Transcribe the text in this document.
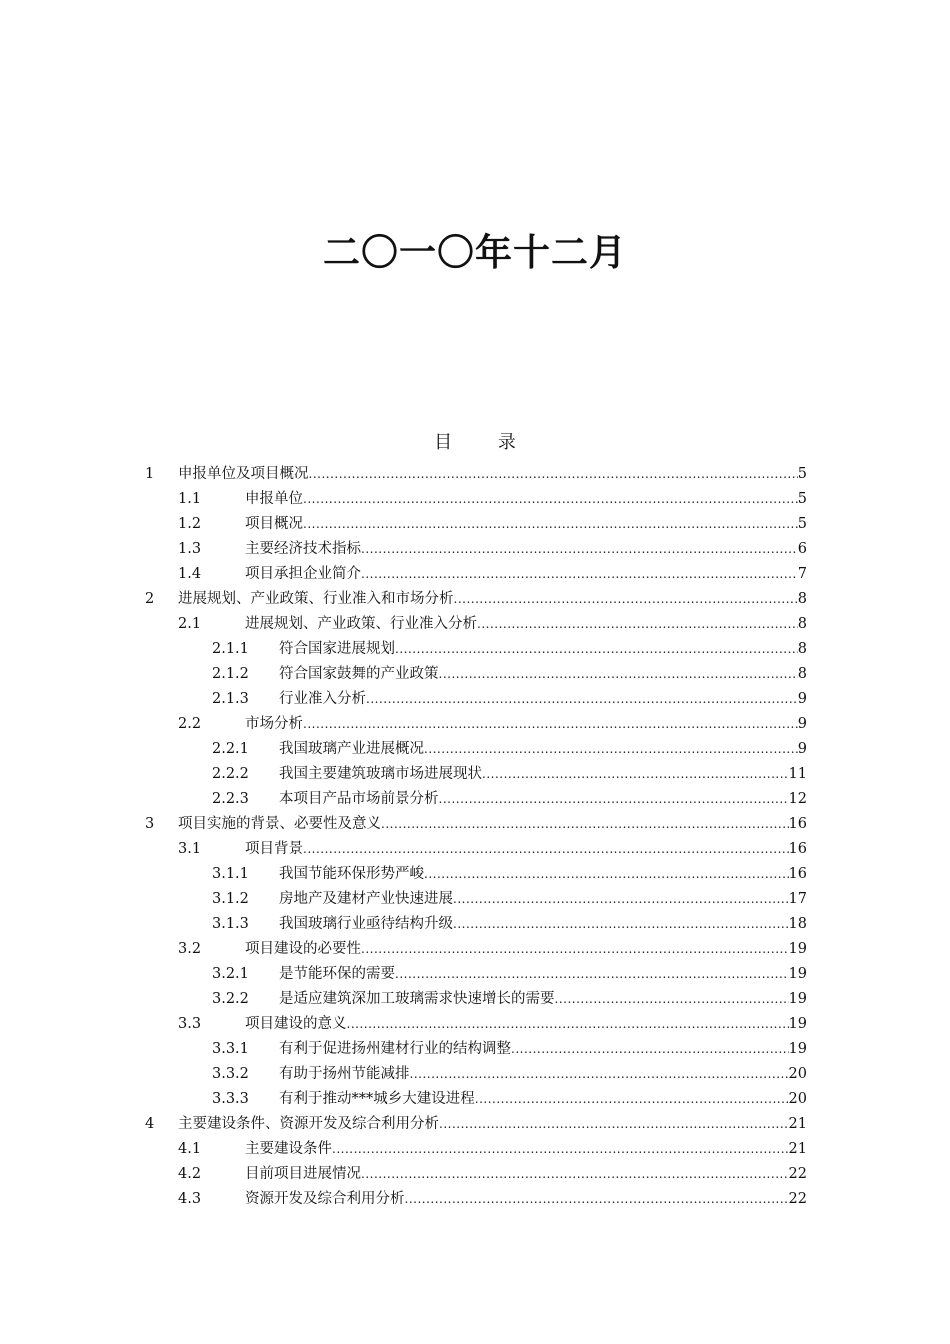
二〇一〇年十二月
目 录
1	申报单位及项目概况 .....	5
1.1	申报单位 .....	5
1.2	项目概况 .....	5
1.3	主要经济技术指标 .....	6
1.4	项目承担企业简介 .....	7
2	进展规划、产业政策、行业准入和市场分析 .....	8
2.1	进展规划、产业政策、行业准入分析 .....	8
2.1.1	符合国家进展规划 .....	8
2.1.2	符合国家鼓舞的产业政策 .....	8
2.1.3	行业准入分析 .....	9
2.2	市场分析 .....	9
2.2.1	我国玻璃产业进展概况 .....	9
2.2.2	我国主要建筑玻璃市场进展现状 .....	11
2.2.3	本项目产品市场前景分析 .....	12
3	项目实施的背景、必要性及意义 .....	16
3.1	项目背景 .....	16
3.1.1	我国节能环保形势严峻 .....	16
3.1.2	房地产及建材产业快速进展 .....	17
3.1.3	我国玻璃行业亟待结构升级 .....	18
3.2	项目建设的必要性 .....	19
3.2.1	是节能环保的需要 .....	19
3.2.2	是适应建筑深加工玻璃需求快速增长的需要 .....	19
3.3	项目建设的意义 .....	19
3.3.1	有利于促进扬州建材行业的结构调整 .....	19
3.3.2	有助于扬州节能减排 .....	20
3.3.3	有利于推动***城乡大建设进程 .....	20
4	主要建设条件、资源开发及综合利用分析 .....	21
4.1	主要建设条件 .....	21
4.2	目前项目进展情况 .....	22
4.3	资源开发及综合利用分析 .....	22
